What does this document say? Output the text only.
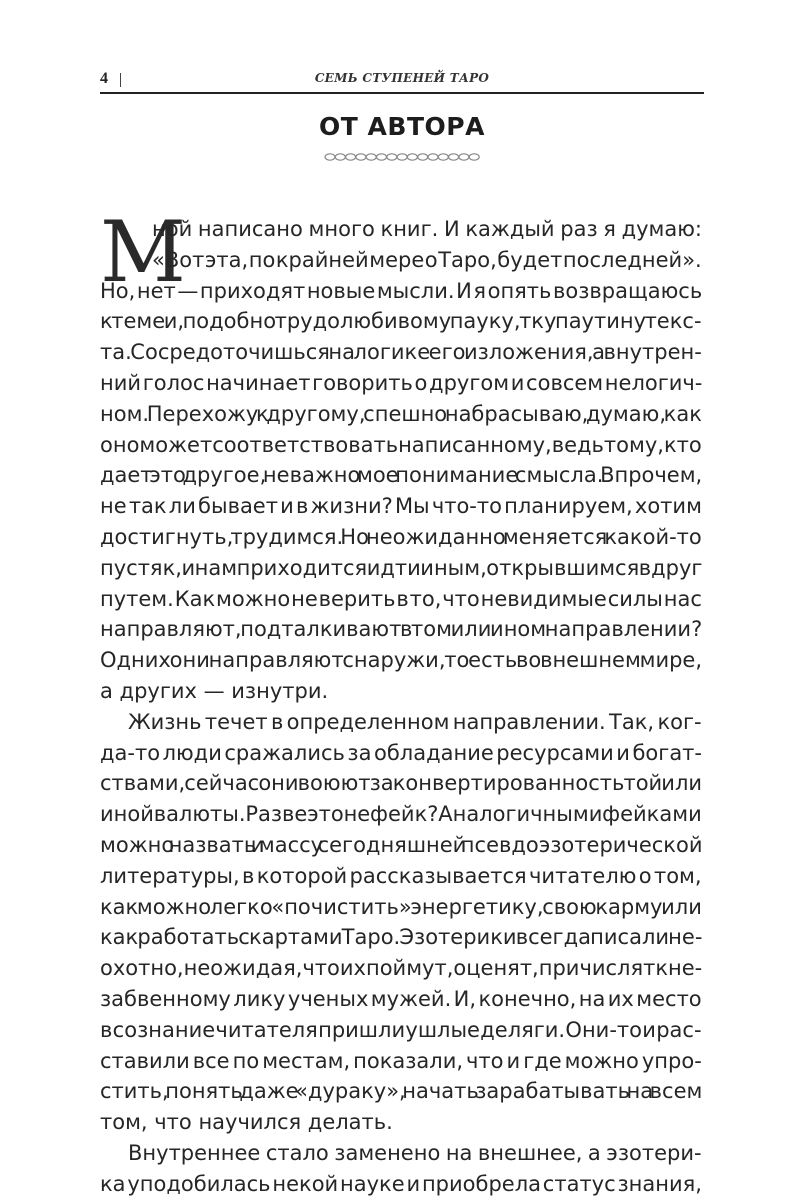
4	СЕМЬ СТУПЕНЕЙ ТАРО
ОТ АВТОРА
М
ной написано много книг. И каждый раз я думаю:
«Вот эта, по крайней мере о Таро, будет последней».
Но, нет — приходят новые мысли. И я опять возвращаюсь
к теме и, подобно трудолюбивому пауку, тку паутину текс-
та. Сосредоточишься на логике его изложения, а внутрен-
ний голос начинает говорить о другом и совсем нелогич-
ном. Перехожу к другому, спешно набрасываю, думаю, как
оно может соответствовать написанному, ведь тому, кто
дает это другое, неважно мое понимание смысла. Впрочем,
не так ли бывает и в жизни? Мы что-то планируем, хотим
достигнуть, трудимся. Но неожиданно меняется какой-то
пустяк, и нам приходится идти иным, открывшимся вдруг
путем. Как можно не верить в то, что невидимые силы нас
направляют, подталкивают в том или ином направлении?
Одних они направляют снаружи, то есть во внешнем мире,
а других — изнутри.
Жизнь течет в определенном направлении. Так, ког-
да-то люди сражались за обладание ресурсами и богат-
ствами, сейчас они воюют за конвертированность той или
иной валюты. Разве это не фейк? Аналогичными фейками
можно назвать и массу сегодняшней псевдоэзотерической
литературы, в которой рассказывается читателю о том,
как можно легко «почистить» энергетику, свою карму или
как работать с картами Таро. Эзотерики всегда писали не-
охотно, не ожидая, что их поймут, оценят, причислят к не-
забвенному лику ученых мужей. И, конечно, на их место
в сознание читателя пришли ушлые деляги. Они-то и рас-
ставили все по местам, показали, что и где можно упро-
стить, понять даже «дураку», начать зарабатывать на всем
том, что научился делать.
Внутреннее стало заменено на внешнее, а эзотери-
ка уподобилась некой науке и приобрела статус знания,
